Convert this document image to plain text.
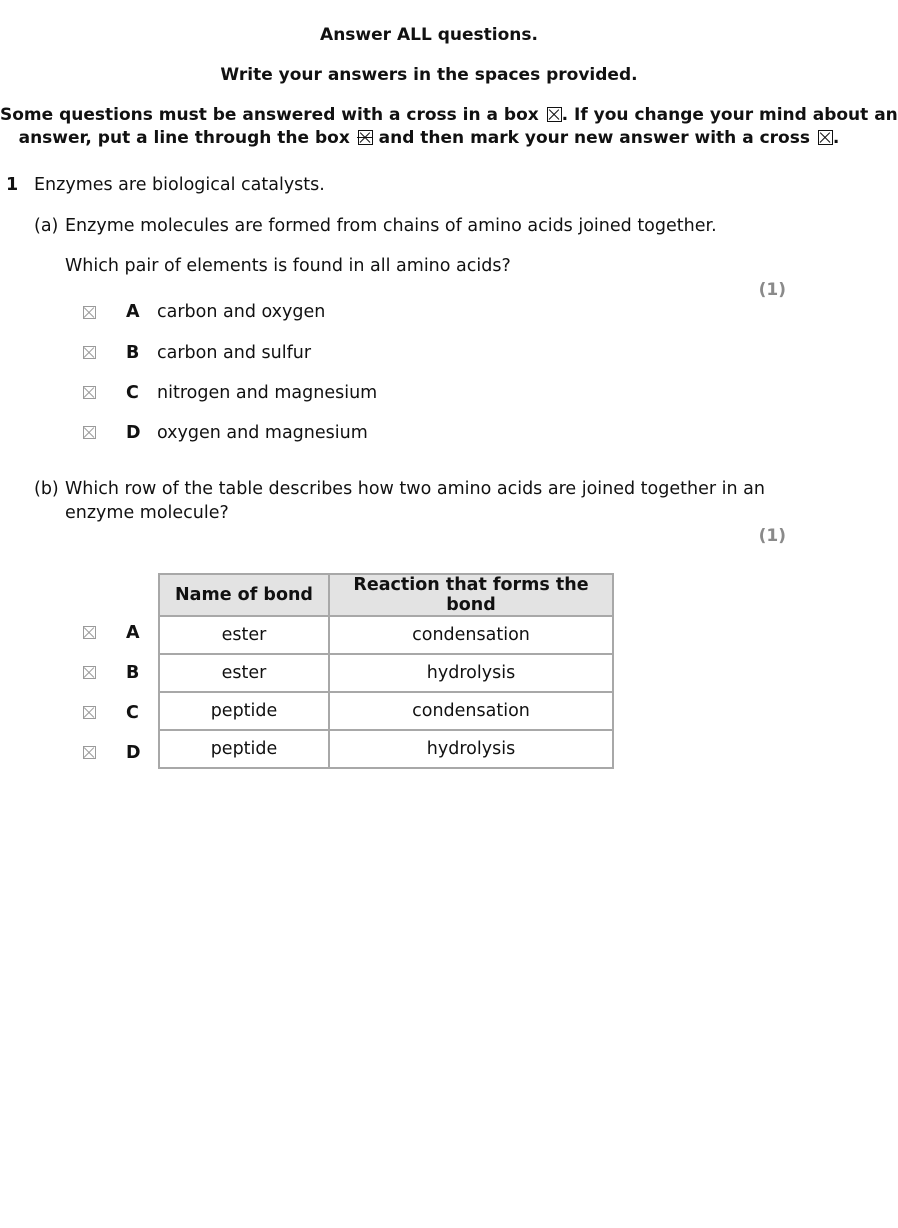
Answer ALL questions.
Write your answers in the spaces provided.
Some questions must be answered with a cross in a box ☒. If you change your mind about an
answer, put a line through the box and then mark your new answer with a cross ☒.
1 Enzymes are biological catalysts.
(a) Enzyme molecules are formed from chains of amino acids joined together.
Which pair of elements is found in all amino acids?
(1)
A carbon and oxygen
B carbon and sulfur
C nitrogen and magnesium
D oxygen and magnesium
(b) Which row of the table describes how two amino acids are joined together in an
enzyme molecule?
(1)
A
B
C
D
Name of bond	Reaction that forms the bond
ester	condensation
ester	hydrolysis
peptide	condensation
peptide	hydrolysis
